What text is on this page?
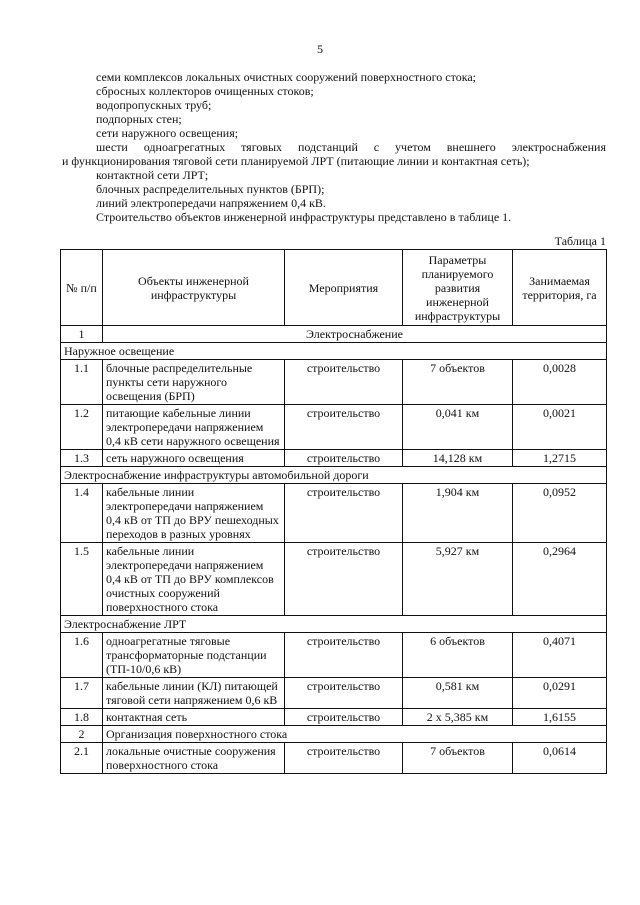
5

семи комплексов локальных очистных сооружений поверхностного стока;

сбросных коллекторов очищенных стоков;

водопропускных труб;

подпорных стен;

сети наружного освещения;

шести одноагрегатных тяговых подстанций с учетом внешнего электроснабжения

и функционирования тяговой сети планируемой ЛРТ (питающие линии и контактная сеть);

контактной сети ЛРТ;

блочных распределительных пунктов (БРП);

линий электропередачи напряжением 0,4 кВ.

Строительство объектов инженерной инфраструктуры представлено в таблице 1.

Таблица 1
№ п/п	Объекты инженерной инфраструктуры	Мероприятия	Параметры планируемого развития инженерной инфраструктуры	Занимаемая территория, га
1	Электроснабжение			
Наружное освещение				
1.1	блочные распределительные пункты сети наружного освещения (БРП)	строительство	7 объектов	0,0028
1.2	питающие кабельные линии электропередачи напряжением 0,4 кВ сети наружного освещения	строительство	0,041 км	0,0021
1.3	сеть наружного освещения	строительство	14,128 км	1,2715
Электроснабжение инфраструктуры автомобильной дороги				
1.4	кабельные линии электропередачи напряжением 0,4 кВ от ТП до ВРУ пешеходных переходов в разных уровнях	строительство	1,904 км	0,0952
1.5	кабельные линии электропередачи напряжением 0,4 кВ от ТП до ВРУ комплексов очистных сооружений поверхностного стока	строительство	5,927 км	0,2964
Электроснабжение ЛРТ				
1.6	одноагрегатные тяговые трансформаторные подстанции (ТП-10/0,6 кВ)	строительство	6 объектов	0,4071
1.7	кабельные линии (КЛ) питающей тяговой сети напряжением 0,6 кВ	строительство	0,581 км	0,0291
1.8	контактная сеть	строительство	2 x 5,385 км	1,6155
2	Организация поверхностного стока			
2.1	локальные очистные сооружения поверхностного стока	строительство	7 объектов	0,0614
